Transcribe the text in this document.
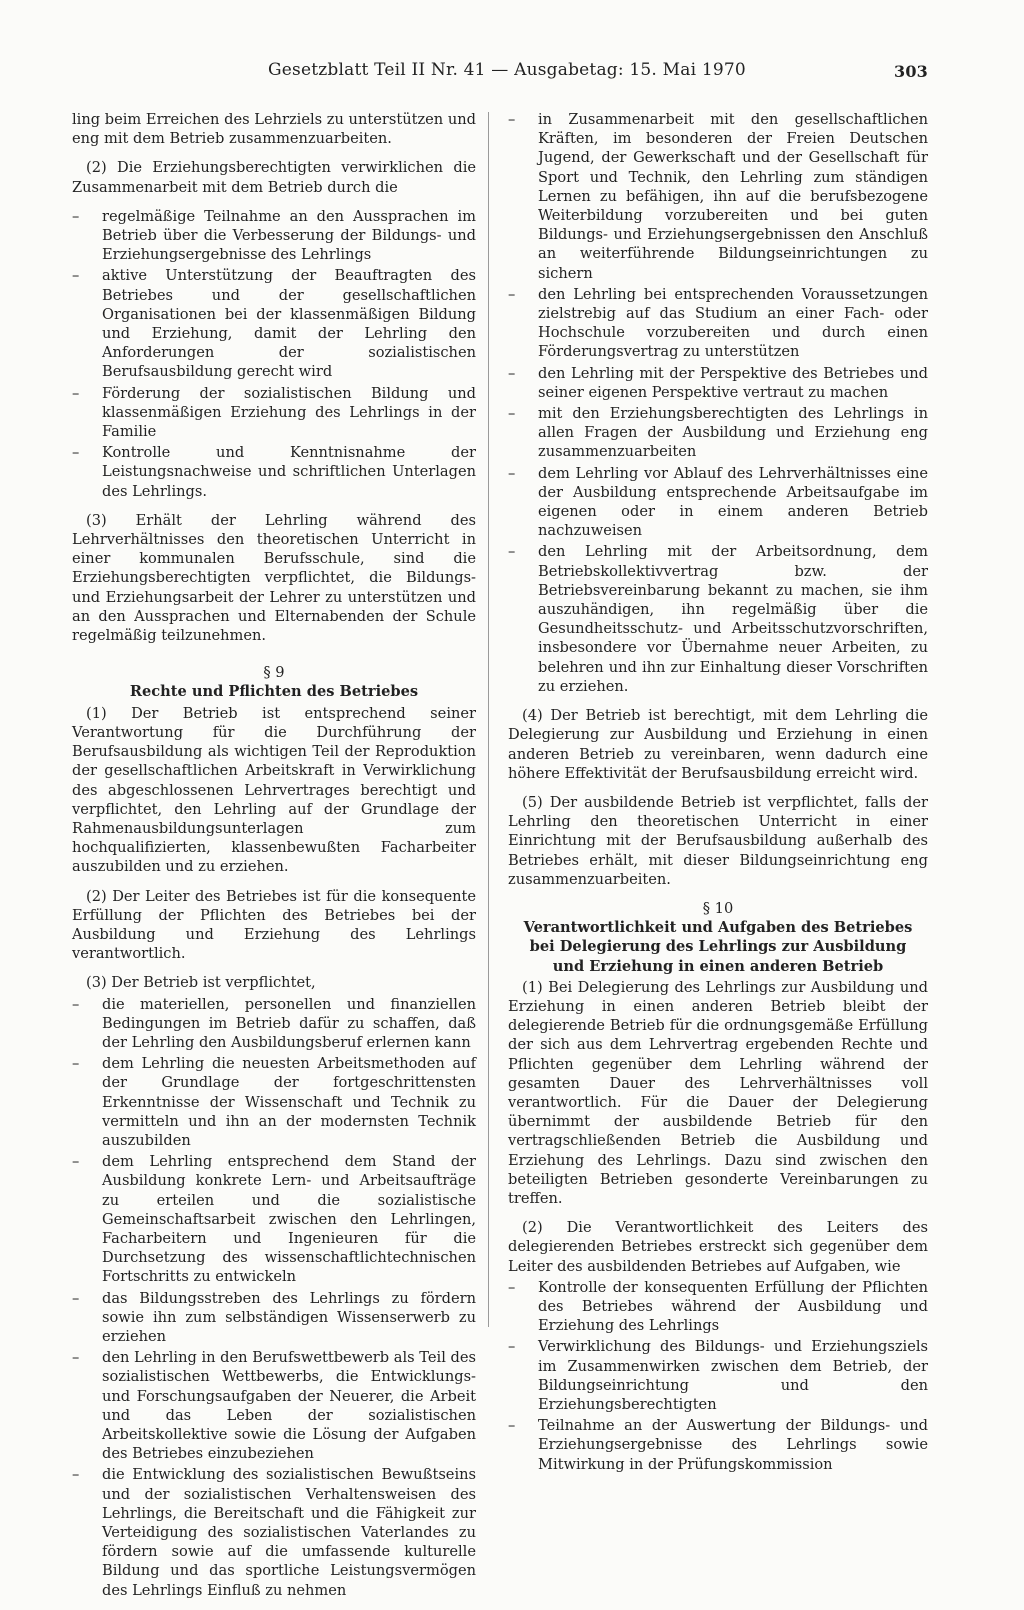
Gesetzblatt Teil II Nr. 41 — Ausgabetag: 15. Mai 1970	303

ling beim Erreichen des Lehrziels zu unterstützen und eng mit dem Betrieb zusammenzuarbeiten.

(2) Die Erziehungsberechtigten verwirklichen die Zusammenarbeit mit dem Betrieb durch die

– regelmäßige Teilnahme an den Aussprachen im Betrieb über die Verbesserung der Bildungs- und Erziehungsergebnisse des Lehrlings
– aktive Unterstützung der Beauftragten des Betriebes und der gesellschaftlichen Organisationen bei der klassenmäßigen Bildung und Erziehung, damit der Lehrling den Anforderungen der sozialistischen Berufsausbildung gerecht wird
– Förderung der sozialistischen Bildung und klassenmäßigen Erziehung des Lehrlings in der Familie
– Kontrolle und Kenntnisnahme der Leistungsnachweise und schriftlichen Unterlagen des Lehrlings.

(3) Erhält der Lehrling während des Lehrverhältnisses den theoretischen Unterricht in einer kommunalen Berufsschule, sind die Erziehungsberechtigten verpflichtet, die Bildungs- und Erziehungsarbeit der Lehrer zu unterstützen und an den Aussprachen und Elternabenden der Schule regelmäßig teilzunehmen.

§ 9
Rechte und Pflichten des Betriebes

(1) Der Betrieb ist entsprechend seiner Verantwortung für die Durchführung der Berufsausbildung als wichtigen Teil der Reproduktion der gesellschaftlichen Arbeitskraft in Verwirklichung des abgeschlossenen Lehrvertrages berechtigt und verpflichtet, den Lehrling auf der Grundlage der Rahmenausbildungsunterlagen zum hochqualifizierten, klassenbewußten Facharbeiter auszubilden und zu erziehen.

(2) Der Leiter des Betriebes ist für die konsequente Erfüllung der Pflichten des Betriebes bei der Ausbildung und Erziehung des Lehrlings verantwortlich.

(3) Der Betrieb ist verpflichtet,

– die materiellen, personellen und finanziellen Bedingungen im Betrieb dafür zu schaffen, daß der Lehrling den Ausbildungsberuf erlernen kann
– dem Lehrling die neuesten Arbeitsmethoden auf der Grundlage der fortgeschrittensten Erkenntnisse der Wissenschaft und Technik zu vermitteln und ihn an der modernsten Technik auszubilden
– dem Lehrling entsprechend dem Stand der Ausbildung konkrete Lern- und Arbeitsaufträge zu erteilen und die sozialistische Gemeinschaftsarbeit zwischen den Lehrlingen, Facharbeitern und Ingenieuren für die Durchsetzung des wissenschaftlichtechnischen Fortschritts zu entwickeln
– das Bildungsstreben des Lehrlings zu fördern sowie ihn zum selbständigen Wissenserwerb zu erziehen
– den Lehrling in den Berufswettbewerb als Teil des sozialistischen Wettbewerbs, die Entwicklungs- und Forschungsaufgaben der Neuerer, die Arbeit und das Leben der sozialistischen Arbeitskollektive sowie die Lösung der Aufgaben des Betriebes einzubeziehen
– die Entwicklung des sozialistischen Bewußtseins und der sozialistischen Verhaltensweisen des Lehrlings, die Bereitschaft und die Fähigkeit zur Verteidigung des sozialistischen Vaterlandes zu fördern sowie auf die umfassende kulturelle Bildung und das sportliche Leistungsvermögen des Lehrlings Einfluß zu nehmen
– in Zusammenarbeit mit den gesellschaftlichen Kräften, im besonderen der Freien Deutschen Jugend, der Gewerkschaft und der Gesellschaft für Sport und Technik, den Lehrling zum ständigen Lernen zu befähigen, ihn auf die berufsbezogene Weiterbildung vorzubereiten und bei guten Bildungs- und Erziehungsergebnissen den Anschluß an weiterführende Bildungseinrichtungen zu sichern
– den Lehrling bei entsprechenden Voraussetzungen zielstrebig auf das Studium an einer Fach- oder Hochschule vorzubereiten und durch einen Förderungsvertrag zu unterstützen
– den Lehrling mit der Perspektive des Betriebes und seiner eigenen Perspektive vertraut zu machen
– mit den Erziehungsberechtigten des Lehrlings in allen Fragen der Ausbildung und Erziehung eng zusammenzuarbeiten
– dem Lehrling vor Ablauf des Lehrverhältnisses eine der Ausbildung entsprechende Arbeitsaufgabe im eigenen oder in einem anderen Betrieb nachzuweisen
– den Lehrling mit der Arbeitsordnung, dem Betriebskollektivvertrag bzw. der Betriebsvereinbarung bekannt zu machen, sie ihm auszuhändigen, ihn regelmäßig über die Gesundheitsschutz- und Arbeitsschutzvorschriften, insbesondere vor Übernahme neuer Arbeiten, zu belehren und ihn zur Einhaltung dieser Vorschriften zu erziehen.

(4) Der Betrieb ist berechtigt, mit dem Lehrling die Delegierung zur Ausbildung und Erziehung in einen anderen Betrieb zu vereinbaren, wenn dadurch eine höhere Effektivität der Berufsausbildung erreicht wird.

(5) Der ausbildende Betrieb ist verpflichtet, falls der Lehrling den theoretischen Unterricht in einer Einrichtung mit der Berufsausbildung außerhalb des Betriebes erhält, mit dieser Bildungseinrichtung eng zusammenzuarbeiten.

§ 10
Verantwortlichkeit und Aufgaben des Betriebes
bei Delegierung des Lehrlings zur Ausbildung
und Erziehung in einen anderen Betrieb

(1) Bei Delegierung des Lehrlings zur Ausbildung und Erziehung in einen anderen Betrieb bleibt der delegierende Betrieb für die ordnungsgemäße Erfüllung der sich aus dem Lehrvertrag ergebenden Rechte und Pflichten gegenüber dem Lehrling während der gesamten Dauer des Lehrverhältnisses voll verantwortlich. Für die Dauer der Delegierung übernimmt der ausbildende Betrieb für den vertragschließenden Betrieb die Ausbildung und Erziehung des Lehrlings. Dazu sind zwischen den beteiligten Betrieben gesonderte Vereinbarungen zu treffen.

(2) Die Verantwortlichkeit des Leiters des delegierenden Betriebes erstreckt sich gegenüber dem Leiter des ausbildenden Betriebes auf Aufgaben, wie

– Kontrolle der konsequenten Erfüllung der Pflichten des Betriebes während der Ausbildung und Erziehung des Lehrlings
– Verwirklichung des Bildungs- und Erziehungsziels im Zusammenwirken zwischen dem Betrieb, der Bildungseinrichtung und den Erziehungsberechtigten
– Teilnahme an der Auswertung der Bildungs- und Erziehungsergebnisse des Lehrlings sowie Mitwirkung in der Prüfungskommission
